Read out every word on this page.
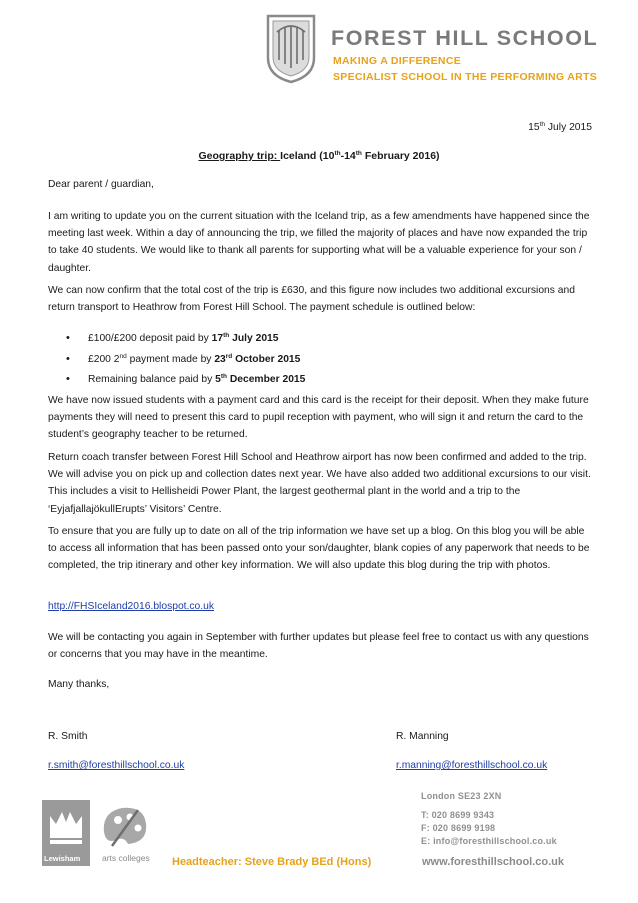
FOREST HILL SCHOOL
MAKING A DIFFERENCE
SPECIALIST SCHOOL IN THE PERFORMING ARTS
15th July 2015
Geography trip: Iceland (10th-14th February 2016)
Dear parent / guardian,
I am writing to update you on the current situation with the Iceland trip, as a few amendments have happened since the meeting last week. Within a day of announcing the trip, we filled the majority of places and have now expanded the trip to take 40 students. We would like to thank all parents for supporting what will be a valuable experience for your son / daughter.
We can now confirm that the total cost of the trip is £630, and this figure now includes two additional excursions and return transport to Heathrow from Forest Hill School. The payment schedule is outlined below:
• £100/£200 deposit paid by 17th July 2015
• £200 2nd payment made by 23rd October 2015
• Remaining balance paid by 5th December 2015
We have now issued students with a payment card and this card is the receipt for their deposit. When they make future payments they will need to present this card to pupil reception with payment, who will sign it and return the card to the student’s geography teacher to be returned.
Return coach transfer between Forest Hill School and Heathrow airport has now been confirmed and added to the trip. We will advise you on pick up and collection dates next year. We have also added two additional excursions to our visit. This includes a visit to Hellisheidi Power Plant, the largest geothermal plant in the world and a trip to the ‘EyjafjallajökullErupts’ Visitors’ Centre.
To ensure that you are fully up to date on all of the trip information we have set up a blog. On this blog you will be able to access all information that has been passed onto your son/daughter, blank copies of any paperwork that needs to be completed, the trip itinerary and other key information. We will also update this blog during the trip with photos.
http://FHSIceland2016.blospot.co.uk
We will be contacting you again in September with further updates but please feel free to contact us with any questions or concerns that you may have in the meantime.
Many thanks,
R. Smith	R. Manning
r.smith@foresthillschool.co.uk	r.manning@foresthillschool.co.uk
London SE23 2XN
T: 020 8699 9343
F: 020 8699 9198
E: info@foresthillschool.co.uk
Lewisham	arts colleges Headteacher: Steve Brady BEd (Hons)	www.foresthillschool.co.uk
